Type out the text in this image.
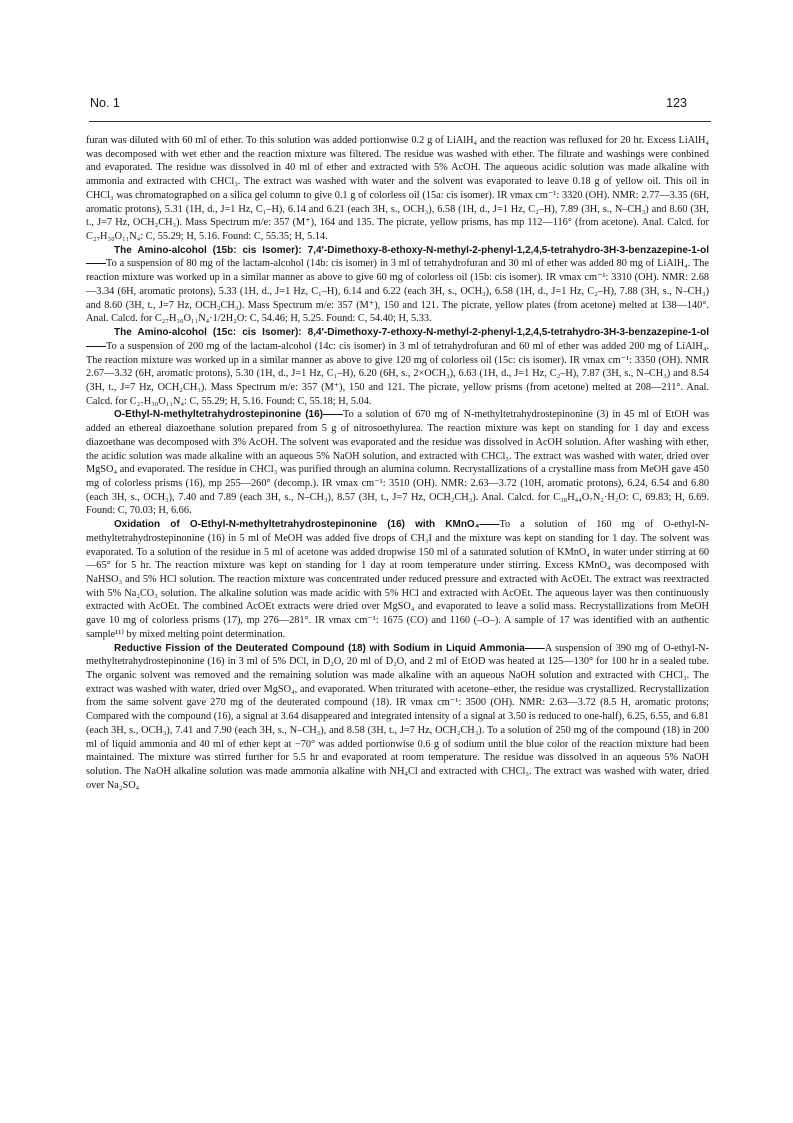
No. 1	123

furan was diluted with 60 ml of ether. To this solution was added portionwise 0.2 g of LiAlH₄ and the reaction was refluxed for 20 hr. Excess LiAlH₄ was decomposed with wet ether and the reaction mixture was filtered. The residue was washed with ether. The filtrate and washings were conbined and evaporated. The residue was dissolved in 40 ml of ether and extracted with 5% AcOH. The aqueous acidic solution was made alkaline with ammonia and extracted with CHCl₃. The extract was washed with water and the solvent was evaporated to leave 0.18 g of yellow oil. This oil in CHCl₃ was chromatographed on a silica gel column to give 0.1 g of colorless oil (15a: cis isomer). IR νmax cm⁻¹: 3320 (OH). NMR: 2.77—3.35 (6H, aromatic protons), 5.31 (1H, d., J=1 Hz, C₁–H), 6.14 and 6.21 (each 3H, s., OCH₃), 6.58 (1H, d., J=1 Hz, C₂–H), 7.89 (3H, s., N–CH₃) and 8.60 (3H, t., J=7 Hz, OCH₂CH₃). Mass Spectrum m/e: 357 (M⁺), 164 and 135. The picrate, yellow prisms, has mp 112—116° (from acetone). Anal. Calcd. for C₂₇H₃₀O₁₁N₄: C, 55.29; H, 5.16. Found: C, 55.35; H, 5.14.

The Amino-alcohol (15b: cis Isomer): 7,4′-Dimethoxy-8-ethoxy-N-methyl-2-phenyl-1,2,4,5-tetrahydro-3H-3-benzazepine-1-ol——To a suspension of 80 mg of the lactam-alcohol (14b: cis isomer) in 3 ml of tetrahydrofuran and 30 ml of ether was added 80 mg of LiAlH₄. The reaction mixture was worked up in a similar manner as above to give 60 mg of colorless oil (15b: cis isomer). IR νmax cm⁻¹: 3310 (OH). NMR: 2.68—3.34 (6H, aromatic protons), 5.33 (1H, d., J=1 Hz, C₁–H), 6.14 and 6.22 (each 3H, s., OCH₃), 6.58 (1H, d., J=1 Hz, C₂–H), 7.88 (3H, s., N–CH₃) and 8.60 (3H, t., J=7 Hz, OCH₂CH₃). Mass Spectrum m/e: 357 (M⁺), 150 and 121. The picrate, yellow plates (from acetone) melted at 138—140°. Anal. Calcd. for C₂₇H₃₀O₁₁N₄·1/2H₂O: C, 54.46; H, 5.25. Found: C, 54.40; H, 5.33.

The Amino-alcohol (15c: cis Isomer): 8,4′-Dimethoxy-7-ethoxy-N-methyl-2-phenyl-1,2,4,5-tetrahydro-3H-3-benzazepine-1-ol——To a suspension of 200 mg of the lactam-alcohol (14c: cis isomer) in 3 ml of tetrahydrofuran and 60 ml of ether was added 200 mg of LiAlH₄. The reaction mixture was worked up in a similar manner as above to give 120 mg of colorless oil (15c: cis isomer). IR νmax cm⁻¹: 3350 (OH). NMR 2.67—3.32 (6H, aromatic protons), 5.30 (1H, d., J=1 Hz, C₁–H), 6.20 (6H, s., 2×OCH₃), 6.63 (1H, d., J=1 Hz, C₂–H), 7.87 (3H, s., N–CH₃) and 8.54 (3H, t., J=7 Hz, OCH₂CH₃). Mass Spectrum m/e: 357 (M⁺), 150 and 121. The picrate, yellow prisms (from acetone) melted at 208—211°. Anal. Calcd. for C₂₇H₃₀O₁₁N₄: C, 55.29; H, 5.16. Found: C, 55.18; H, 5.04.

O-Ethyl-N-methyltetrahydrostepinonine (16)——To a solution of 670 mg of N-methyltetrahydrostepinonine (3) in 45 ml of EtOH was added an ethereal diazoethane solution prepared from 5 g of nitrosoethylurea. The reaction mixture was kept on standing for 1 day and excess diazoethane was decomposed with 3% AcOH. The solvent was evaporated and the residue was dissolved in AcOH solution. After washing with ether, the acidic solution was made alkaline with an aqueous 5% NaOH solution, and extracted with CHCl₃. The extract was washed with water, dried over MgSO₄ and evaporated. The residue in CHCl₃ was purified through an alumina column. Recrystallizations of a crystalline mass from MeOH gave 450 mg of colorless prisms (16), mp 255—260° (decomp.). IR νmax cm⁻¹: 3510 (OH). NMR: 2.63—3.72 (10H, aromatic protons), 6.24, 6.54 and 6.80 (each 3H, s., OCH₃), 7.40 and 7.89 (each 3H, s., N–CH₃), 8.57 (3H, t., J=7 Hz, OCH₂CH₃). Anal. Calcd. for C₃₈H₄₄O₇N₂·H₂O: C, 69.83; H, 6.69. Found: C, 70.03; H, 6.66.

Oxidation of O-Ethyl-N-methyltetrahydrostepinonine (16) with KMnO₄——To a solution of 160 mg of O-ethyl-N-methyltetrahydrostepinonine (16) in 5 ml of MeOH was added five drops of CH₃I and the mixture was kept on standing for 1 day. The solvent was evaporated. To a solution of the residue in 5 ml of acetone was added dropwise 150 ml of a saturated solution of KMnO₄ in water under stirring at 60—65° for 5 hr. The reaction mixture was kept on standing for 1 day at room temperature under stirring. Excess KMnO₄ was decomposed with NaHSO₃ and 5% HCl solution. The reaction mixture was concentrated under reduced pressure and extracted with AcOEt. The extract was reextracted with 5% Na₂CO₃ solution. The alkaline solution was made acidic with 5% HCl and extracted with AcOEt. The aqueous layer was then continuously extracted with AcOEt. The combined AcOEt extracts were dried over MgSO₄ and evaporated to leave a solid mass. Recrystallizations from MeOH gave 10 mg of colorless prisms (17), mp 276—281°. IR νmax cm⁻¹: 1675 (CO) and 1160 (–O–). A sample of 17 was identified with an authentic sample¹¹⁾ by mixed melting point determination.

Reductive Fission of the Deuterated Compound (18) with Sodium in Liquid Ammonia——A suspension of 390 mg of O-ethyl-N-methyltetrahydrostepinonine (16) in 3 ml of 5% DCl, in D₂O, 20 ml of D₂O, and 2 ml of EtOD was heated at 125—130° for 100 hr in a sealed tube. The organic solvent was removed and the remaining solution was made alkaline with an aqueous NaOH solution and extracted with CHCl₃. The extract was washed with water, dried over MgSO₄, and evaporated. When triturated with acetone–ether, the residue was crystallized. Recrystallization from the same solvent gave 270 mg of the deuterated compound (18). IR νmax cm⁻¹: 3500 (OH). NMR: 2.63—3.72 (8.5 H, aromatic protons; Compared with the compound (16), a signal at 3.64 disappeared and integrated intensity of a signal at 3.50 is reduced to one-half), 6.25, 6.55, and 6.81 (each 3H, s., OCH₃), 7.41 and 7.90 (each 3H, s., N–CH₃), and 8.58 (3H, t., J=7 Hz, OCH₂CH₃). To a solution of 250 mg of the compound (18) in 200 ml of liquid ammonia and 40 ml of ether kept at −70° was added portionwise 0.6 g of sodium until the blue color of the reaction mixture had been maintained. The mixture was stirred further for 5.5 hr and evaporated at room temperature. The residue was dissolved in an aqueous 5% NaOH solution. The NaOH alkaline solution was made ammonia alkaline with NH₄Cl and extracted with CHCl₃. The extract was washed with water, dried over Na₂SO₄
